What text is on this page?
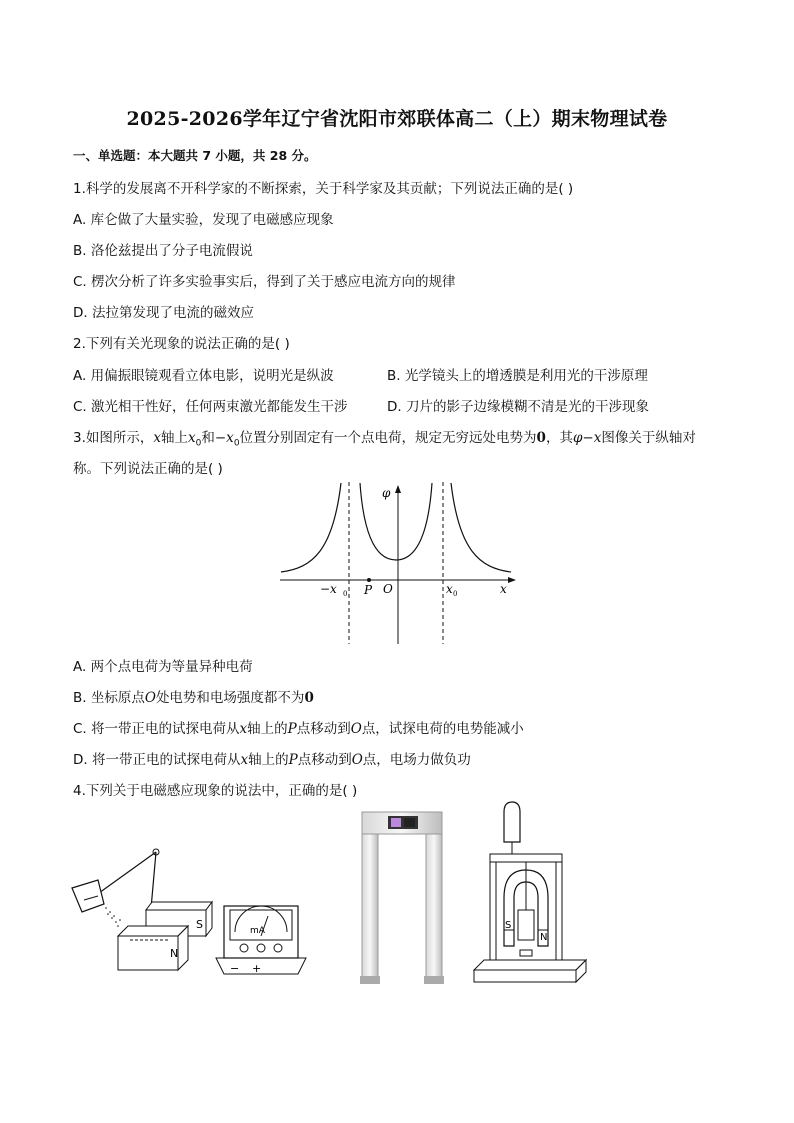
2025-2026学年辽宁省沈阳市郊联体高二（上）期末物理试卷
一、单选题：本大题共 7 小题，共 28 分。
1.科学的发展离不开科学家的不断探索，关于科学家及其贡献；下列说法正确的是( )
A. 库仑做了大量实验，发现了电磁感应现象
B. 洛伦兹提出了分子电流假说
C. 楞次分析了许多实验事实后，得到了关于感应电流方向的规律
D. 法拉第发现了电流的磁效应
2.下列有关光现象的说法正确的是( )
A. 用偏振眼镜观看立体电影，说明光是纵波	B. 光学镜头上的增透膜是利用光的干涉原理
C. 激光相干性好，任何两束激光都能发生干涉	D. 刀片的影子边缘模糊不清是光的干涉现象
3.如图所示，x轴上$x_0$和$-x_0$位置分别固定有一个点电荷，规定无穷远处电势为0，其φ−x图像关于纵轴对
称。下列说法正确的是( )
φ
−x 0 P O	x 0	x
A. 两个点电荷为等量异种电荷
B. 坐标原点O处电势和电场强度都不为0
C. 将一带正电的试探电荷从x轴上的P点移动到O点，试探电荷的电势能减小
D. 将一带正电的试探电荷从x轴上的P点移动到O点，电场力做负功
4.下列关于电磁感应现象的说法中，正确的是( )
S
N
mA
− +
S
N
